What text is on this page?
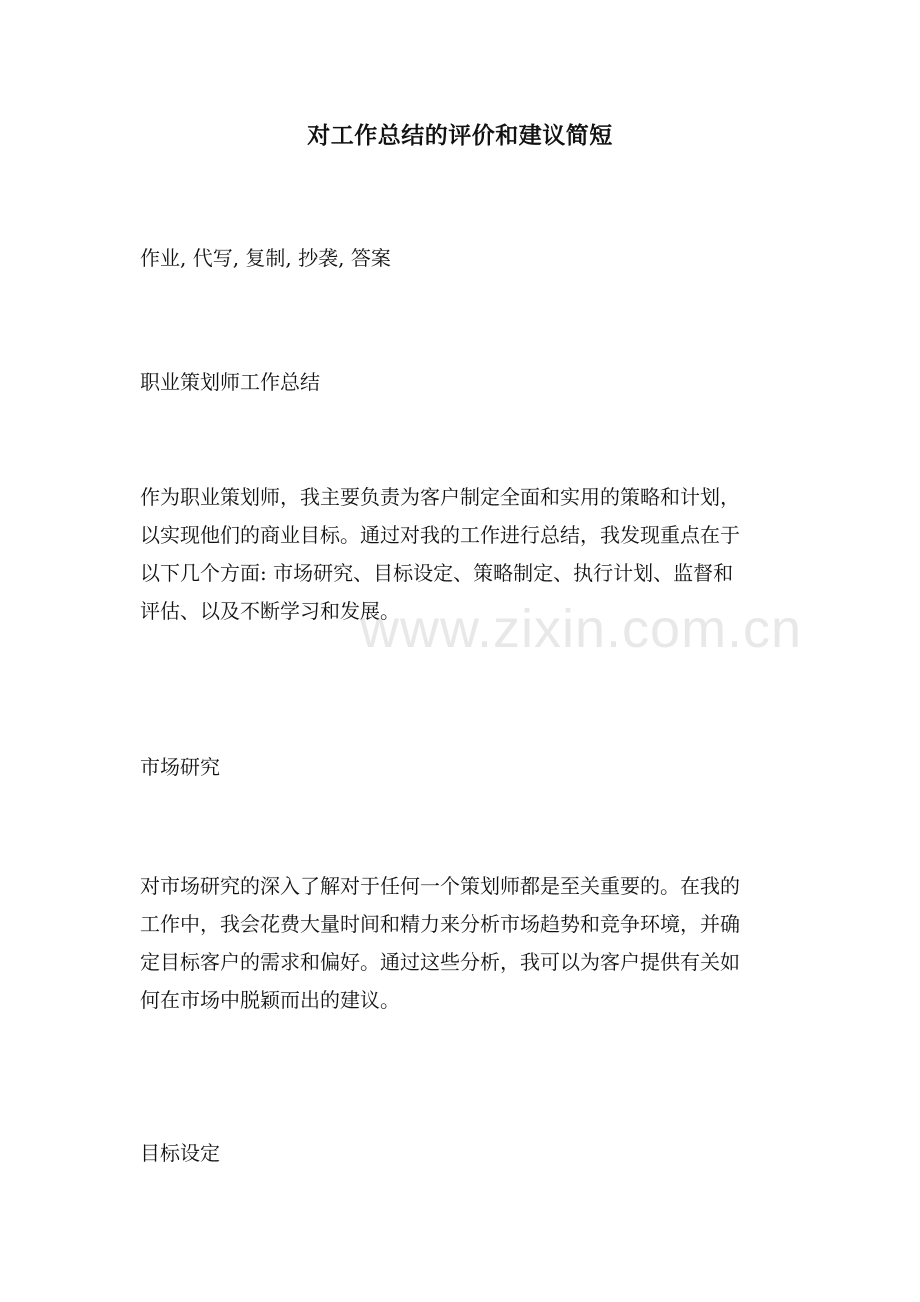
对工作总结的评价和建议简短
作业, 代写, 复制, 抄袭, 答案
职业策划师工作总结
作为职业策划师，我主要负责为客户制定全面和实用的策略和计划，
以实现他们的商业目标。通过对我的工作进行总结，我发现重点在于
以下几个方面: 市场研究、目标设定、策略制定、执行计划、监督和
评估、以及不断学习和发展。
市场研究
对市场研究的深入了解对于任何一个策划师都是至关重要的。在我的
工作中，我会花费大量时间和精力来分析市场趋势和竞争环境，并确
定目标客户的需求和偏好。通过这些分析，我可以为客户提供有关如
何在市场中脱颖而出的建议。
目标设定
www.zixin.com.cn
